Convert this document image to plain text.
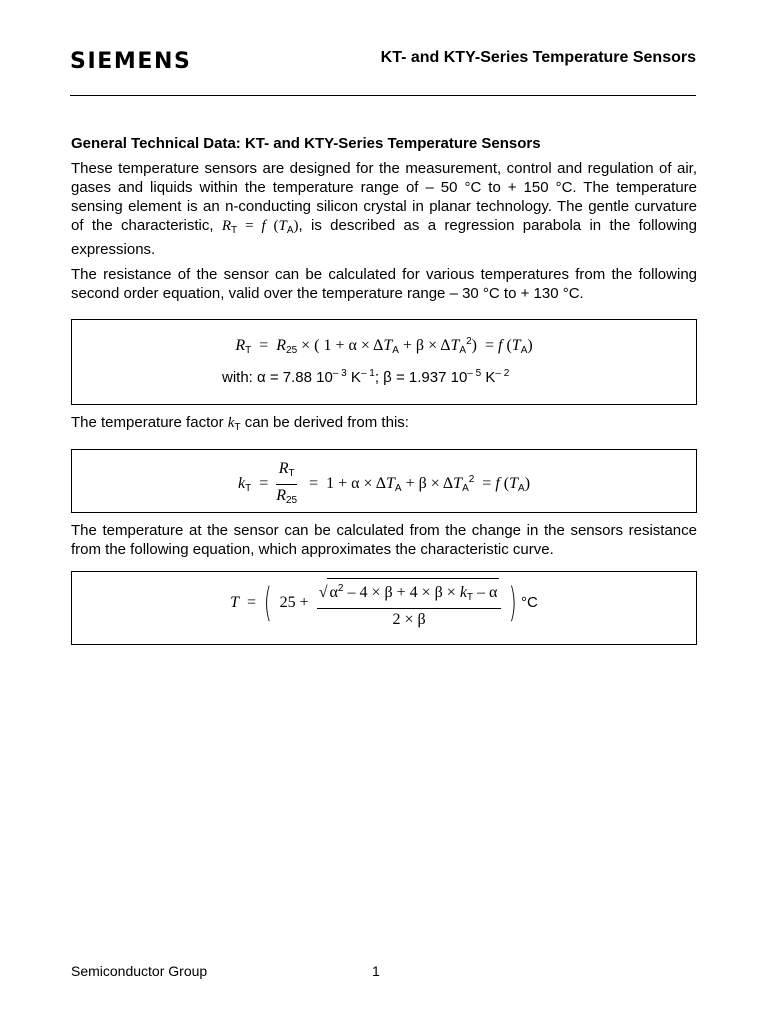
SIEMENS	KT- and KTY-Series Temperature Sensors
General Technical Data: KT- and KTY-Series Temperature Sensors

These temperature sensors are designed for the measurement, control and regulation of air, gases and liquids within the temperature range of – 50 °C to + 150 °C. The temperature sensing element is an n-conducting silicon crystal in planar technology. The gentle curvature of the characteristic, $R_T = f$ $(T_A)$, is described as a regression parabola in the following expressions.

The resistance of the sensor can be calculated for various temperatures from the following second order equation, valid over the temperature range – 30 °C to + 130 °C.

$R_T = R_{25}$ × ( $1 + \alpha \times \Delta T_A + \beta \times \Delta T_A^2) = f$ $(T_A)$
with: α = 7.88 $10^{- 3}$ $K^{- 1}$; β = 1.937 $10^{- 5}$ $K^{- 2}$

The temperature factor $k_T$ can be derived from this:

$k_T = \frac{R_T}{R_{25}} = 1 + \alpha \times \Delta T_A + \beta \times \Delta T_A^2 = f$ $(T_A)$

The temperature at the sensor can be calculated from the change in the sensors resistance from the following equation, which approximates the characteristic curve.

T  = ( $25 + \frac{√ \alpha^2 - 4 \times \beta + 4 \times \beta \times k_T - \alpha}{2 \times \beta}$ ) °C
Semiconductor Group	1
